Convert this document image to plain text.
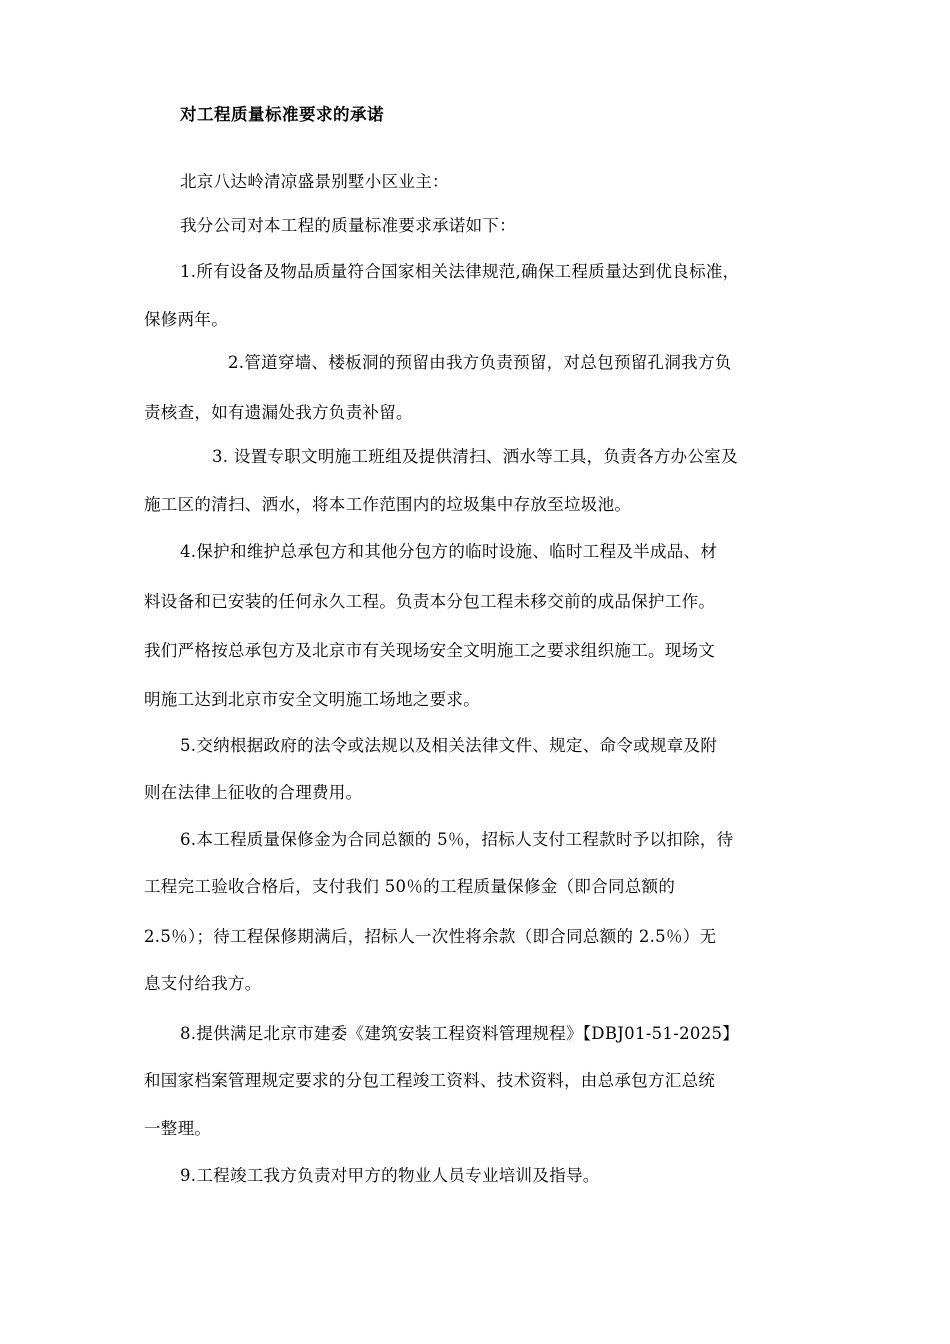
对工程质量标准要求的承诺
北京八达岭清凉盛景别墅小区业主：
我分公司对本工程的质量标准要求承诺如下：
1.所有设备及物品质量符合国家相关法律规范,确保工程质量达到优良标准，
保修两年。
2.管道穿墙、楼板洞的预留由我方负责预留，对总包预留孔洞我方负
责核查，如有遗漏处我方负责补留。
3. 设置专职文明施工班组及提供清扫、洒水等工具，负责各方办公室及
施工区的清扫、洒水，将本工作范围内的垃圾集中存放至垃圾池。
4.保护和维护总承包方和其他分包方的临时设施、临时工程及半成品、材
料设备和已安装的任何永久工程。负责本分包工程未移交前的成品保护工作。
我们严格按总承包方及北京市有关现场安全文明施工之要求组织施工。现场文
明施工达到北京市安全文明施工场地之要求。
5.交纳根据政府的法令或法规以及相关法律文件、规定、命令或规章及附
则在法律上征收的合理费用。
6.本工程质量保修金为合同总额的 5％，招标人支付工程款时予以扣除，待
工程完工验收合格后，支付我们 50％的工程质量保修金（即合同总额的
2.5％）；待工程保修期满后，招标人一次性将余款（即合同总额的 2.5％）无
息支付给我方。
8.提供满足北京市建委《建筑安装工程资料管理规程》【DBJ01-51-2025】
和国家档案管理规定要求的分包工程竣工资料、技术资料，由总承包方汇总统
一整理。
9.工程竣工我方负责对甲方的物业人员专业培训及指导。
